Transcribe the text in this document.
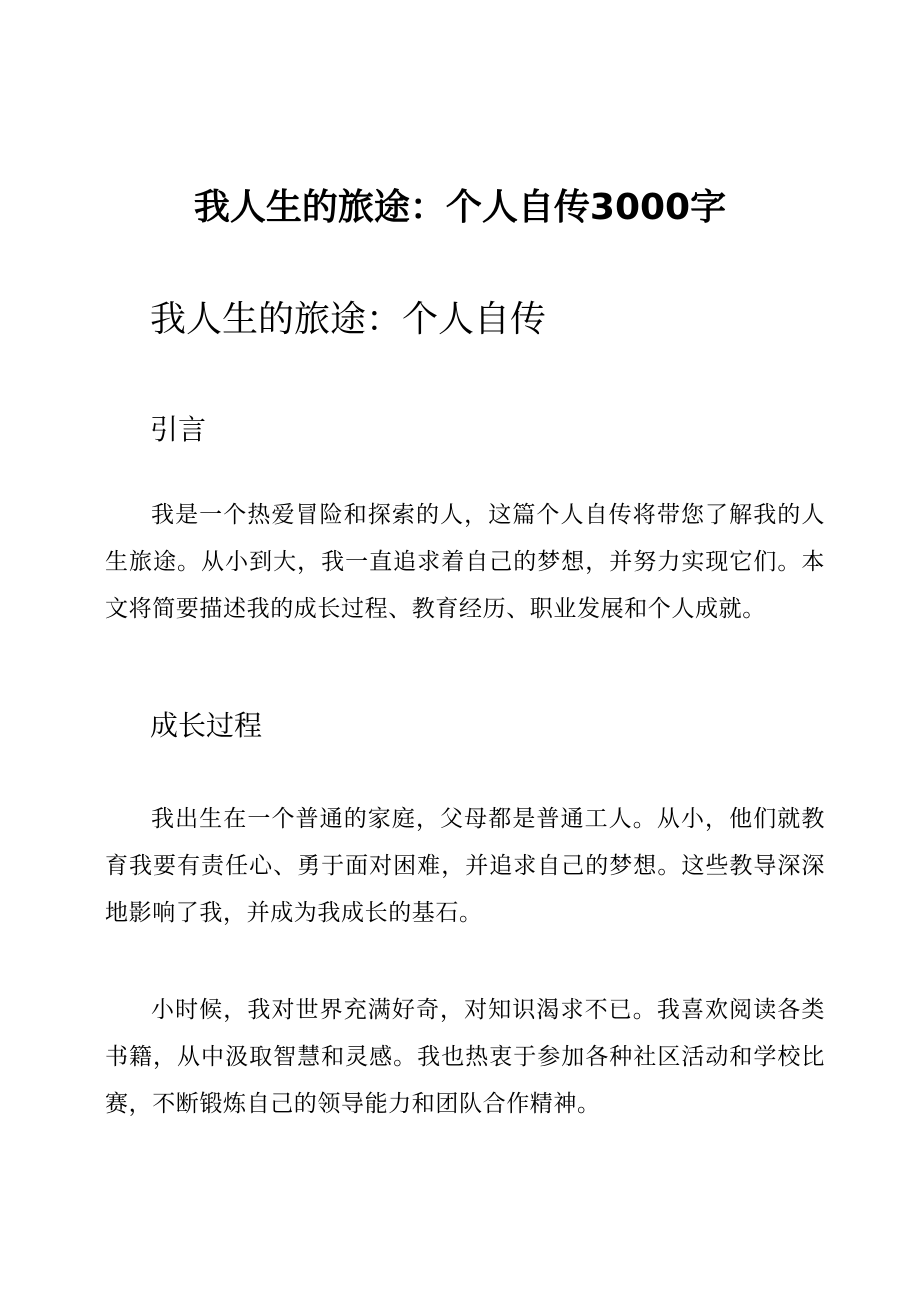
我人生的旅途：个人自传3000字
我人生的旅途：个人自传
引言

我是一个热爱冒险和探索的人，这篇个人自传将带您了解我的人生旅途。从小到大，我一直追求着自己的梦想，并努力实现它们。本文将简要描述我的成长过程、教育经历、职业发展和个人成就。

成长过程

我出生在一个普通的家庭，父母都是普通工人。从小，他们就教育我要有责任心、勇于面对困难，并追求自己的梦想。这些教导深深地影响了我，并成为我成长的基石。

小时候，我对世界充满好奇，对知识渴求不已。我喜欢阅读各类书籍，从中汲取智慧和灵感。我也热衷于参加各种社区活动和学校比赛，不断锻炼自己的领导能力和团队合作精神。
